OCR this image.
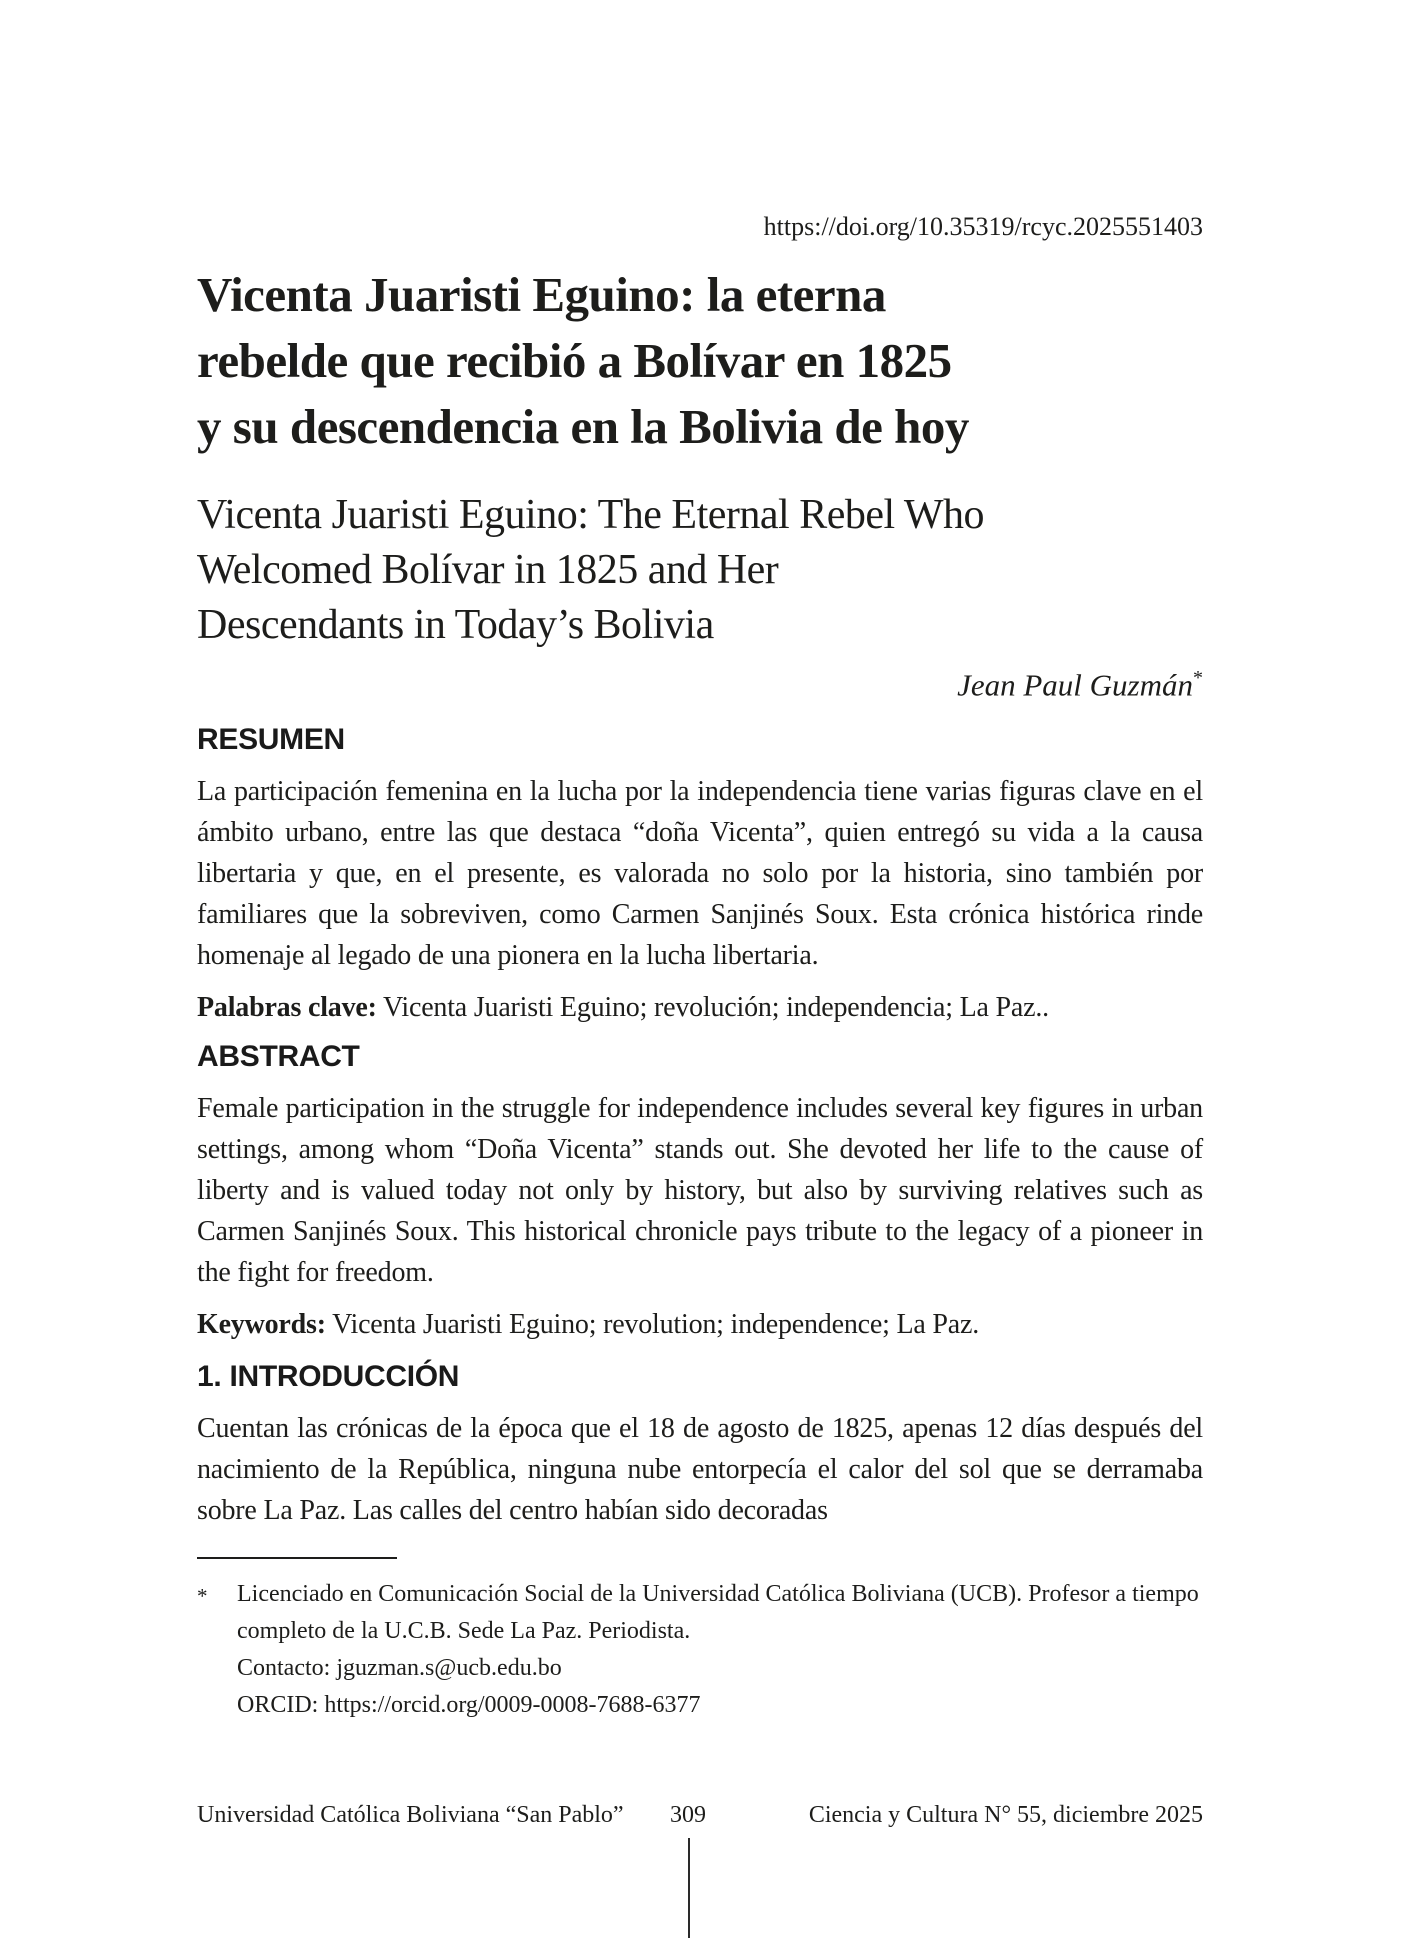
https://doi.org/10.35319/rcyc.2025551403
Vicenta Juaristi Eguino: la eterna
rebelde que recibió a Bolívar en 1825
y su descendencia en la Bolivia de hoy
Vicenta Juaristi Eguino: The Eternal Rebel Who
Welcomed Bolívar in 1825 and Her
Descendants in Today’s Bolivia
Jean Paul Guzmán*
RESUMEN

La participación femenina en la lucha por la independencia tiene varias figuras clave en el ámbito urbano, entre las que destaca “doña Vicenta”, quien entregó su vida a la causa libertaria y que, en el presente, es valorada no solo por la historia, sino también por familiares que la sobreviven, como Carmen Sanjinés Soux. Esta crónica histórica rinde homenaje al legado de una pionera en la lucha libertaria.

Palabras clave: Vicenta Juaristi Eguino; revolución; independencia; La Paz..

ABSTRACT

Female participation in the struggle for independence includes several key figures in urban settings, among whom “Doña Vicenta” stands out. She devoted her life to the cause of liberty and is valued today not only by history, but also by surviving relatives such as Carmen Sanjinés Soux. This historical chronicle pays tribute to the legacy of a pioneer in the fight for freedom.

Keywords: Vicenta Juaristi Eguino; revolution; independence; La Paz.

1. INTRODUCCIÓN

Cuentan las crónicas de la época que el 18 de agosto de 1825, apenas 12 días después del nacimiento de la República, ninguna nube entorpecía el calor del sol que se derramaba sobre La Paz. Las calles del centro habían sido decoradas

*	Licenciado en Comunicación Social de la Universidad Católica Boliviana (UCB). Profesor a tiempo completo de la U.C.B. Sede La Paz. Periodista.

Contacto: jguzman.s@ucb.edu.bo

ORCID: https://orcid.org/0009-0008-7688-6377

Universidad Católica Boliviana “San Pablo” 309	Ciencia y Cultura N° 55, diciembre 2025
